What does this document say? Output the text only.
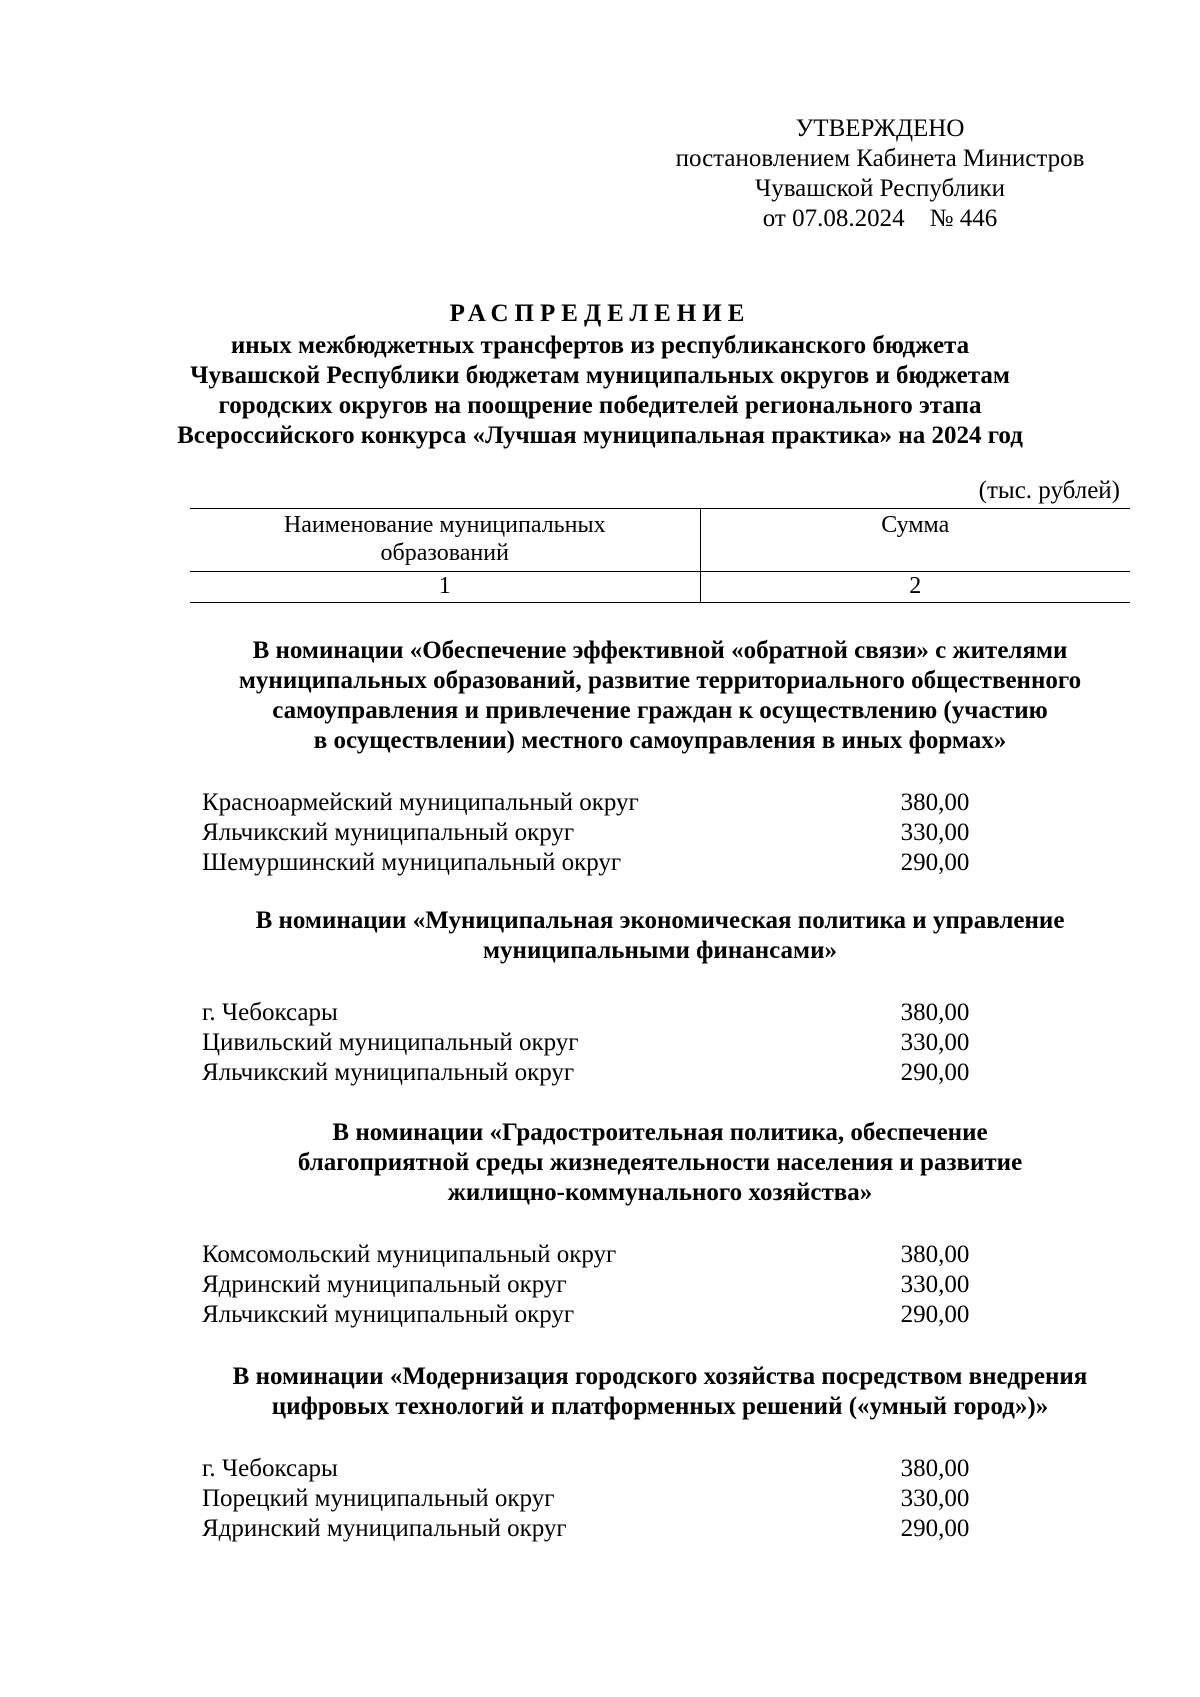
УТВЕРЖДЕНО
постановлением Кабинета Министров
Чувашской Республики
от 07.08.2024    № 446
РАСПРЕДЕЛЕНИЕ
иных межбюджетных трансфертов из республиканского бюджета
Чувашской Республики бюджетам муниципальных округов и бюджетам
городских округов на поощрение победителей регионального этапа
Всероссийского конкурса «Лучшая муниципальная практика» на 2024 год
(тыс. рублей)
Наименование муниципальных
образований	Сумма
1	2
В номинации «Обеспечение эффективной «обратной связи» с жителями
муниципальных образований, развитие территориального общественного
самоуправления и привлечение граждан к осуществлению (участию
в осуществлении) местного самоуправления в иных формах»
Красноармейский муниципальный округ	380,00
Яльчикский муниципальный округ	330,00
Шемуршинский муниципальный округ	290,00
В номинации «Муниципальная экономическая политика и управление
муниципальными финансами»
г. Чебоксары	380,00
Цивильский муниципальный округ	330,00
Яльчикский муниципальный округ	290,00
В номинации «Градостроительная политика, обеспечение
благоприятной среды жизнедеятельности населения и развитие
жилищно-коммунального хозяйства»
Комсомольский муниципальный округ	380,00
Ядринский муниципальный округ	330,00
Яльчикский муниципальный округ	290,00
В номинации «Модернизация городского хозяйства посредством внедрения
цифровых технологий и платформенных решений («умный город»)»
г. Чебоксары	380,00
Порецкий муниципальный округ	330,00
Ядринский муниципальный округ	290,00
